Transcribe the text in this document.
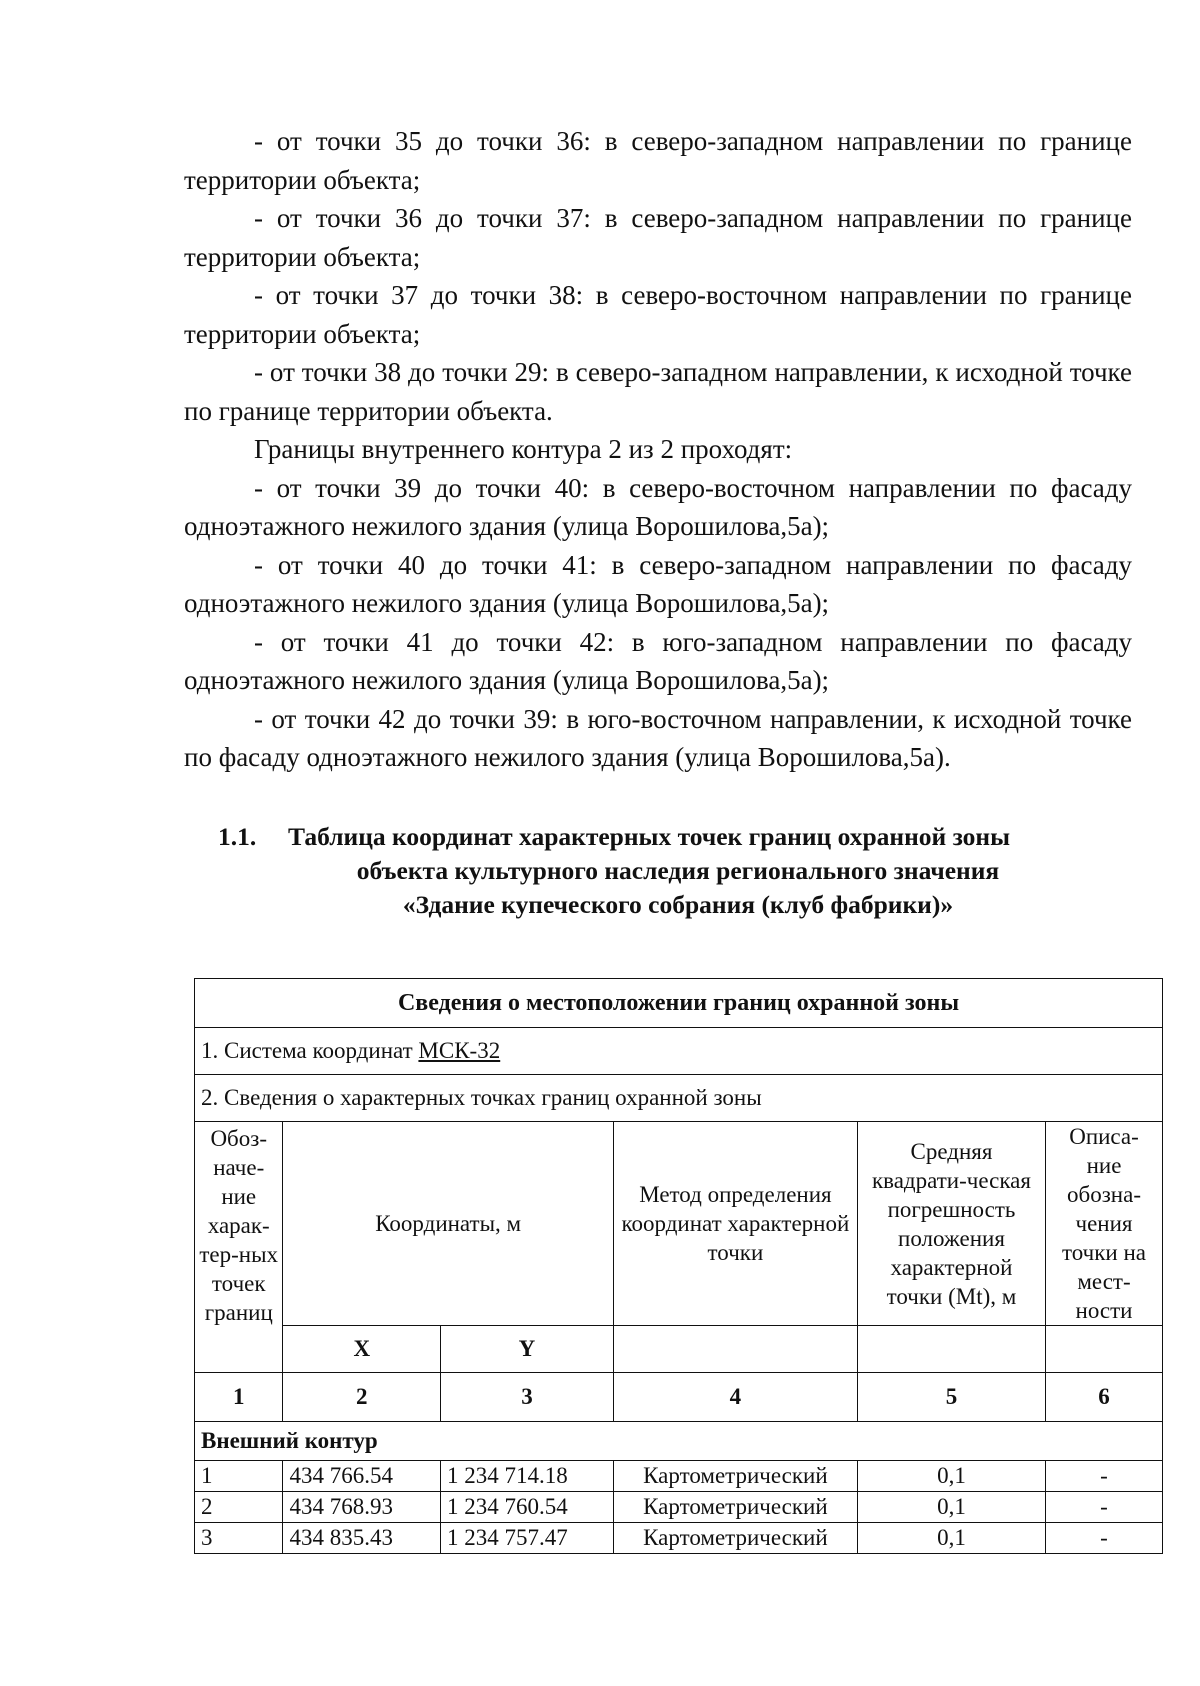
- от точки 35 до точки 36: в северо-западном направлении по границе территории объекта;

- от точки 36 до точки 37: в северо-западном направлении по границе территории объекта;

- от точки 37 до точки 38: в северо-восточном направлении по границе территории объекта;

- от точки 38 до точки 29: в северо-западном направлении, к исходной точке по границе территории объекта.

Границы внутреннего контура 2 из 2 проходят:

- от точки 39 до точки 40: в северо-восточном направлении по фасаду одноэтажного нежилого здания (улица Ворошилова,5а);

- от точки 40 до точки 41: в северо-западном направлении по фасаду одноэтажного нежилого здания (улица Ворошилова,5а);

- от точки 41 до точки 42: в юго-западном направлении по фасаду одноэтажного нежилого здания (улица Ворошилова,5а);

- от точки 42 до точки 39: в юго-восточном направлении, к исходной точке по фасаду одноэтажного нежилого здания (улица Ворошилова,5а).

1.1. Таблица координат характерных точек границ охранной зоны
объекта культурного наследия регионального значения
«Здание купеческого собрания (клуб фабрики)»
Сведения о местоположении границ охранной зоны					
1. Система координат МСК-32					
2. Сведения о характерных точках границ охранной зоны					
Обоз-наче-ние харак-тер-ных точек границ	Координаты, м		Метод определения координат характерной точки	Средняя квадрати-ческая погрешность положения характерной точки (Mt), м	Описа-ние обозна-чения точки на мест-ности
	X	Y			
1	2	3	4	5	6
Внешний контур					
1	434 766.54	1 234 714.18	Картометрический	0,1	-
2	434 768.93	1 234 760.54	Картометрический	0,1	-
3	434 835.43	1 234 757.47	Картометрический	0,1	-
